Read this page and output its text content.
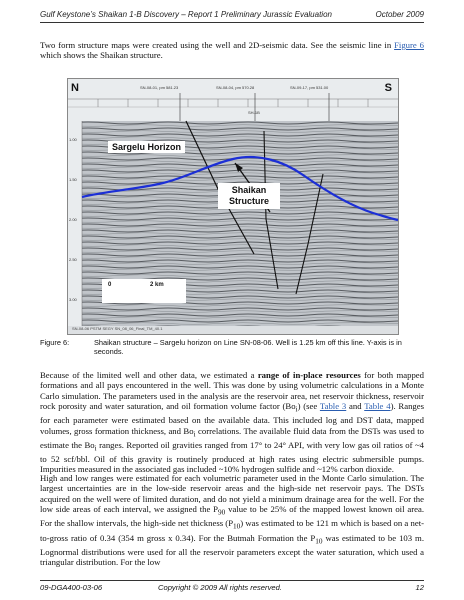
Gulf Keystone’s Shaikan 1-B Discovery – Report 1 Preliminary Jurassic Evaluation	October 2009
Two form structure maps were created using the well and 2D-seismic data. See the seismic line in Figure 6 which shows the Shaikan structure.
N	S
SN-08-01, pm 581.23	SN-08-04, pm 570.28	SN-09-17, pm 531.00
SH-1B
1.00
1.50
2.00
2.50
3.00
Sargelu Horizon
Shaikan
Structure
0	2 km
SN-08-06 PSTM SEGY SN_08_06_Final_TM_40.1
Figure 6:	Shaikan structure – Sargelu horizon on Line SN-08-06. Well is 1.25 km off this line. Y-axis is in seconds.
Because of the limited well and other data, we estimated a range of in-place resources for both mapped formations and all pays encountered in the well. This was done by using volumetric calculations in a Monte Carlo simulation. The parameters used in the analysis are the reservoir area, net reservoir thickness, reservoir rock porosity and water saturation, and oil formation volume factor $(Bo_i)$ (see Table 3 and Table 4). Ranges for each parameter were estimated based on the available data. This included log and DST data, mapped volumes, gross formation thickness, and $Bo_i$ correlations. The available fluid data from the DSTs was used to estimate the $Bo_i$ ranges. Reported oil gravities ranged from 17° to 24° API, with very low gas oil ratios of ~4 to 52 scf/bbl. Oil of this gravity is routinely produced at high rates using electric submersible pumps. Impurities measured in the associated gas included ~10% hydrogen sulfide and ~12% carbon dioxide.
High and low ranges were estimated for each volumetric parameter used in the Monte Carlo simulation. The largest uncertainties are in the low-side reservoir areas and the high-side net reservoir pays. The DSTs acquired on the well were of limited duration, and do not yield a minimum drainage area for the well. For the low side areas of each interval, we assigned the $P_{90}$ value to be 25% of the mapped lowest known oil area. For the shallow intervals, the high-side net thickness $(P_{10})$ was estimated to be 121 m which is based on a net-to-gross ratio of 0.34 (354 m gross x 0.34). For the Butmah Formation the $P_{10}$ was estimated to be 103 m. Lognormal distributions were used for all the reservoir parameters except the water saturation, which used a triangular distribution. For the low
09-DGA400-03-06	Copyright © 2009 All rights reserved.	12
